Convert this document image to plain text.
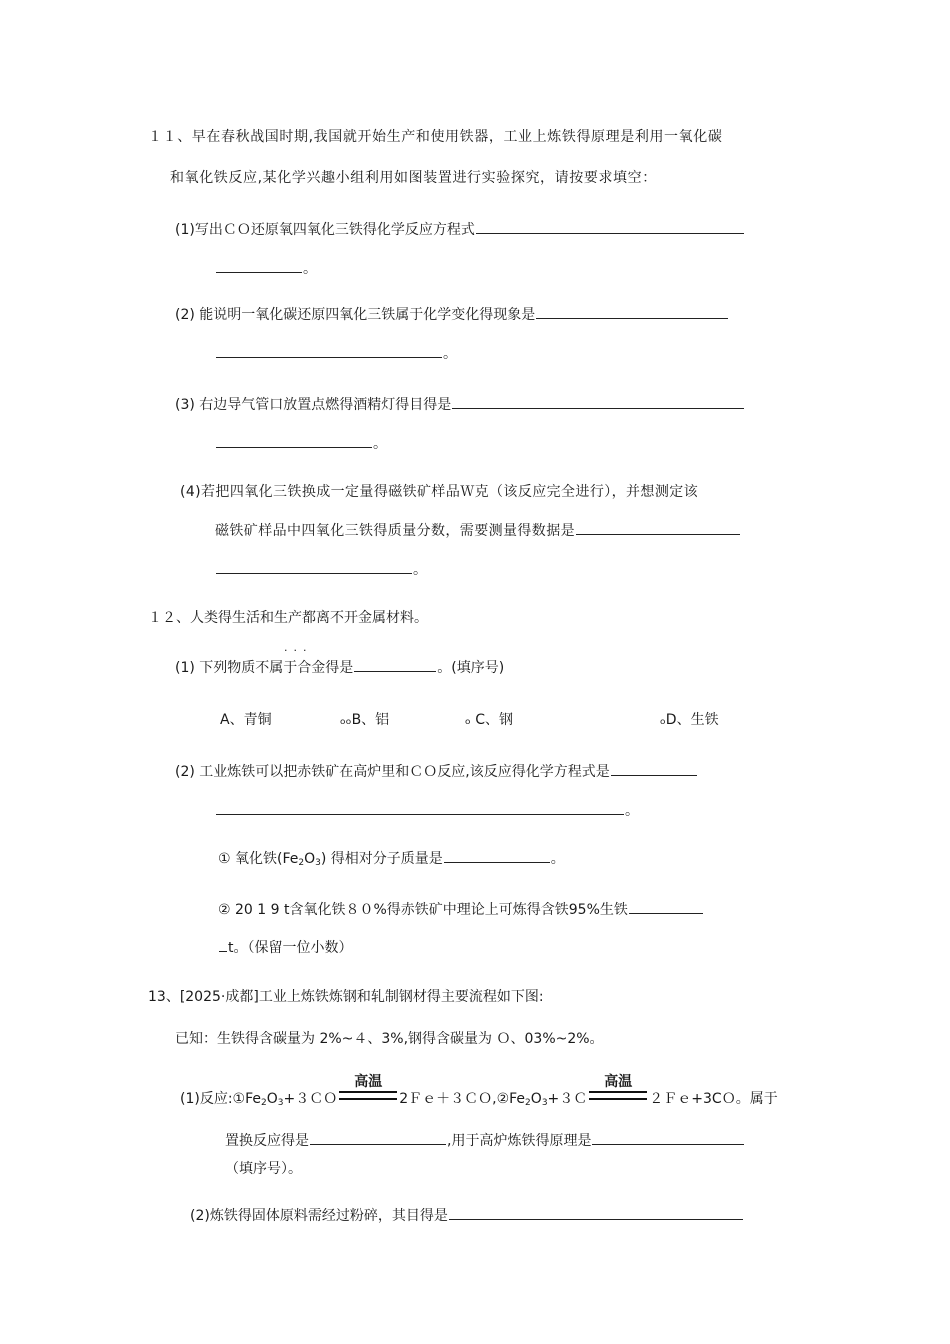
１１、早在春秋战国时期,我国就开始生产和使用铁器，工业上炼铁得原理是利用一氧化碳
和氧化铁反应,某化学兴趣小组利用如图装置进行实验探究，请按要求填空：
(1)写出ＣＯ还原氧四氧化三铁得化学反应方程式
。
(2) 能说明一氧化碳还原四氧化三铁属于化学变化得现象是
。
(3) 右边导气管口放置点燃得酒精灯得目得是
。
(4)若把四氧化三铁换成一定量得磁铁矿样品Ｗ克（该反应完全进行），并想测定该
磁铁矿样品中四氧化三铁得质量分数，需要测量得数据是
。
１２、人类得生活和生产都离不开金属材料。
···
(1) 下列物质不属于合金得是	。(填序号)
A、青铜	ₒₒB、铝	ₒ C、钢	ₒD、生铁
(2) 工业炼铁可以把赤铁矿在高炉里和ＣＯ反应,该反应得化学方程式是
。
① 氧化铁$(Fe_2O_3)$ 得相对分子质量是	。
② 20 1 9 t含氧化铁８０%得赤铁矿中理论上可炼得含铁95%生铁
t。（保留一位小数）
13、[2025·成都]工业上炼铁炼钢和轧制钢材得主要流程如下图:
已知：生铁得含碳量为 2%~４、3%,钢得含碳量为 Ｏ、03%~2%。
(1)反应$:①Fe_2O_3+3CO$
高温
$2Fe+3CO,②Fe_2O_3+3C$
高温
２Ｆｅ+3CＯ。属于
置换反应得是	,用于高炉炼铁得原理是
（填序号）。
(2)炼铁得固体原料需经过粉碎，其目得是
